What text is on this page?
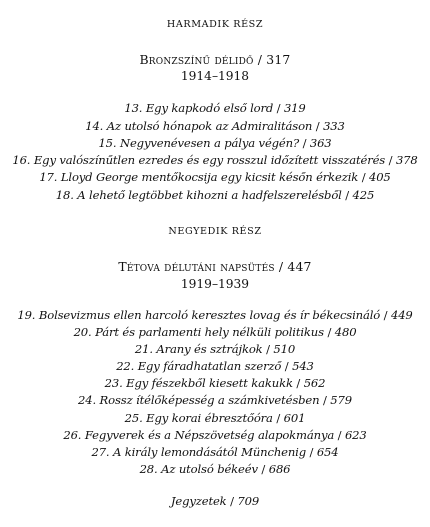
HARMADIK RÉSZ
Bronzszínű délidő / 317
1914–1918
13. Egy kapkodó első lord / 319
14. Az utolsó hónapok az Admiralitáson / 333
15. Negyvenévesen a pálya végén? / 363
16. Egy valószínűtlen ezredes és egy rosszul időzített visszatérés / 378
17. Lloyd George mentőkocsija egy kicsit későn érkezik / 405
18. A lehető legtöbbet kihozni a hadfelszerelésből / 425
NEGYEDIK RÉSZ
Tétova délutáni napsütés / 447
1919–1939
19. Bolsevizmus ellen harcoló keresztes lovag és ír békecsináló / 449
20. Párt és parlamenti hely nélküli politikus / 480
21. Arany és sztrájkok / 510
22. Egy fáradhatatlan szerző / 543
23. Egy fészekből kiesett kakukk / 562
24. Rossz ítélőképesség a számkivetésben / 579
25. Egy korai ébresztőóra / 601
26. Fegyverek és a Népszövetség alapokmánya / 623
27. A király lemondásától Münchenig / 654
28. Az utolsó békeév / 686
Jegyzetek / 709
